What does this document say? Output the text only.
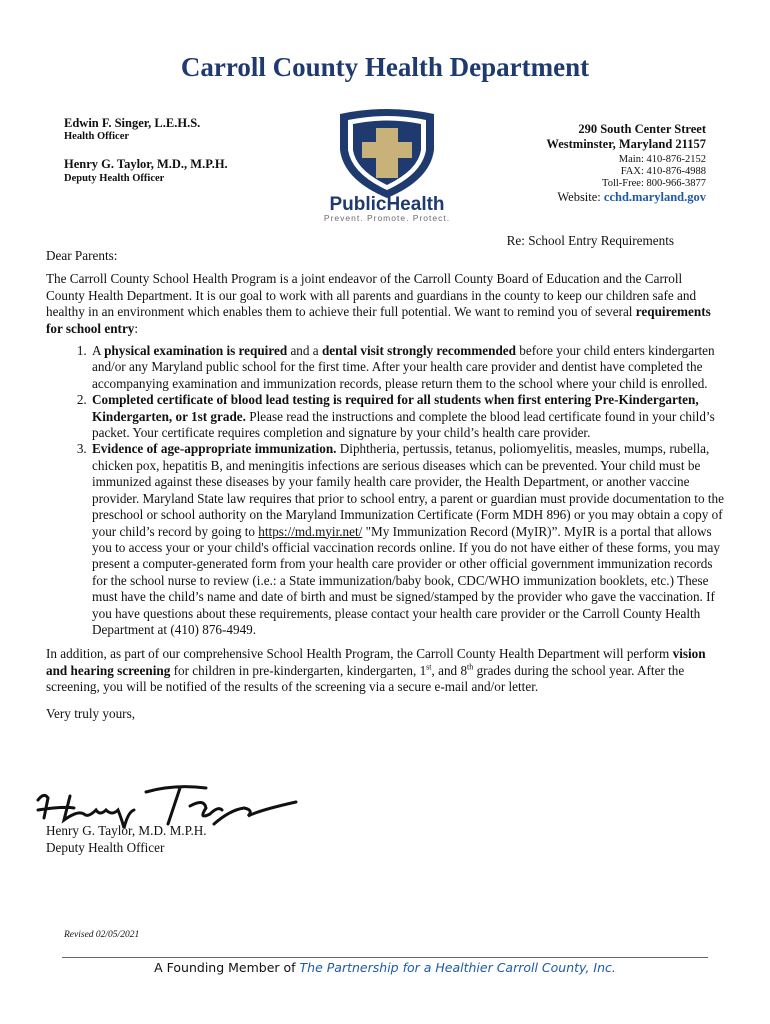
Carroll County Health Department
Edwin F. Singer, L.E.H.S.
Health Officer
Henry G. Taylor, M.D., M.P.H.
Deputy Health Officer
PublicHealth
Prevent. Promote. Protect.
290 South Center Street
Westminster, Maryland 21157
Main: 410-876-2152
FAX: 410-876-4988
Toll-Free: 800-966-3877
Website: cchd.maryland.gov
Re: School Entry Requirements

Dear Parents:

The Carroll County School Health Program is a joint endeavor of the Carroll County Board of Education and the Carroll County Health Department. It is our goal to work with all parents and guardians in the county to keep our children safe and healthy in an environment which enables them to achieve their full potential. We want to remind you of several requirements for school entry:

1. A physical examination is required and a dental visit strongly recommended before your child enters kindergarten and/or any Maryland public school for the first time. After your health care provider and dentist have completed the accompanying examination and immunization records, please return them to the school where your child is enrolled.
2. Completed certificate of blood lead testing is required for all students when first entering Pre-Kindergarten, Kindergarten, or 1st grade. Please read the instructions and complete the blood lead certificate found in your child’s packet. Your certificate requires completion and signature by your child’s health care provider.
3. Evidence of age-appropriate immunization. Diphtheria, pertussis, tetanus, poliomyelitis, measles, mumps, rubella, chicken pox, hepatitis B, and meningitis infections are serious diseases which can be prevented. Your child must be immunized against these diseases by your family health care provider, the Health Department, or another vaccine provider. Maryland State law requires that prior to school entry, a parent or guardian must provide documentation to the preschool or school authority on the Maryland Immunization Certificate (Form MDH 896) or you may obtain a copy of your child’s record by going to https://md.myir.net/ "My Immunization Record (MyIR)”. MyIR is a portal that allows you to access your or your child's official vaccination records online. If you do not have either of these forms, you may present a computer-generated form from your health care provider or other official government immunization records for the school nurse to review (i.e.: a State immunization/baby book, CDC/WHO immunization booklets, etc.) These must have the child’s name and date of birth and must be signed/stamped by the provider who gave the vaccination. If you have questions about these requirements, please contact your health care provider or the Carroll County Health Department at (410) 876-4949.

In addition, as part of our comprehensive School Health Program, the Carroll County Health Department will perform vision and hearing screening for children in pre-kindergarten, kindergarten, 1st, and 8th grades during the school year. After the screening, you will be notified of the results of the screening via a secure e-mail and/or letter.

Very truly yours,

Henry G. Taylor, M.D. M.P.H.
Deputy Health Officer
Revised 02/05/2021
A Founding Member of The Partnership for a Healthier Carroll County, Inc.
